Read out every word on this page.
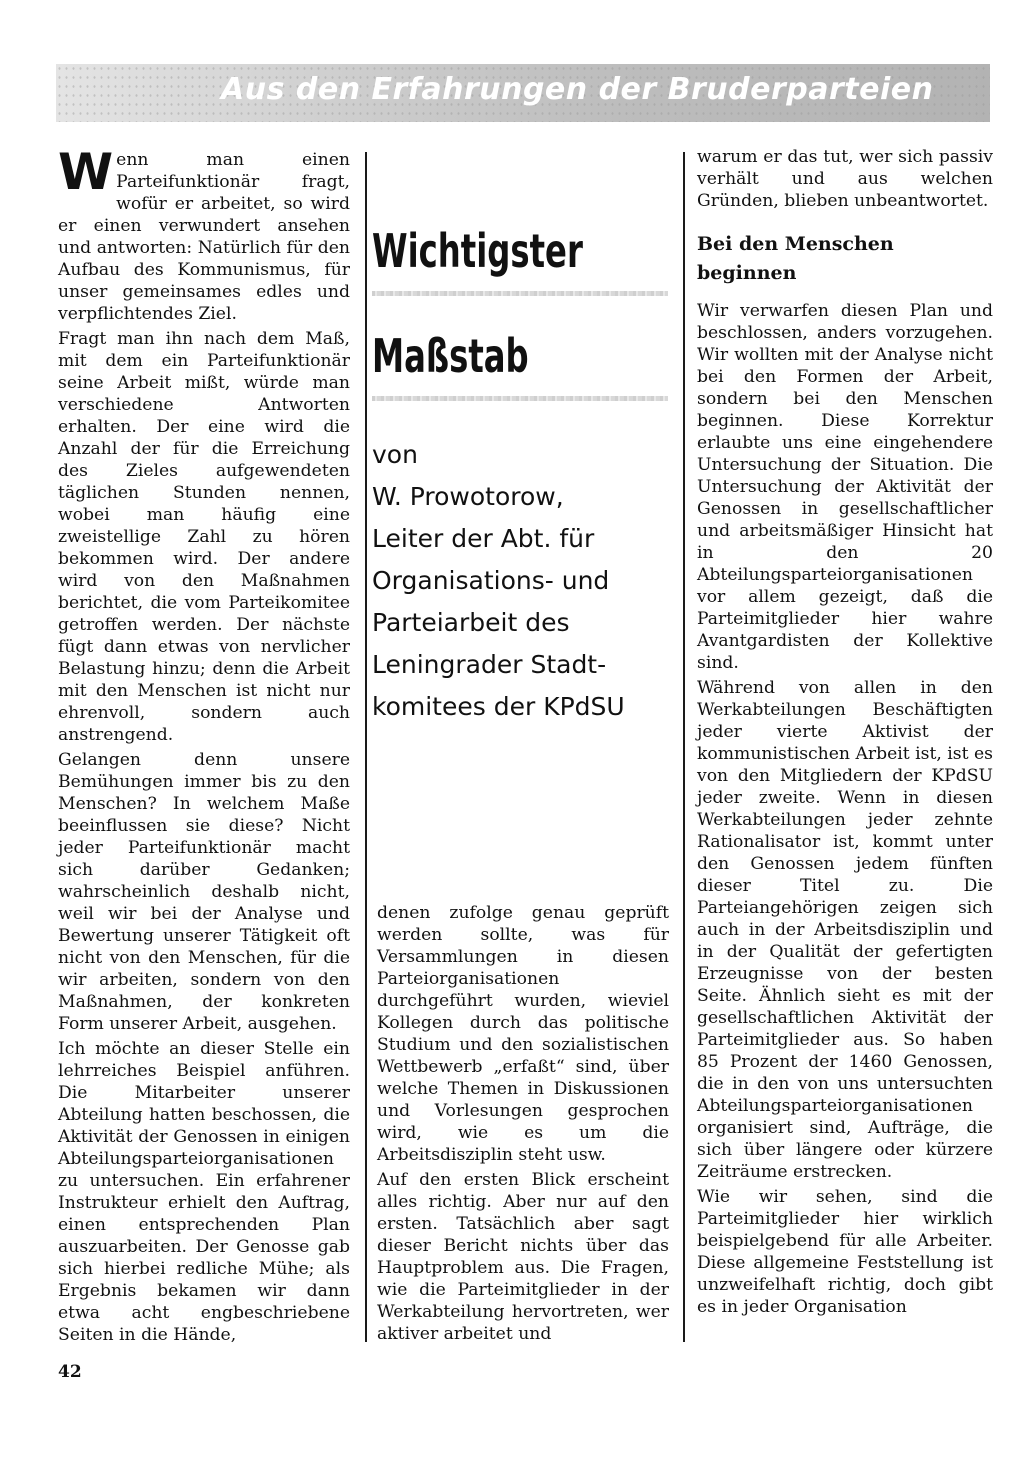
Aus den Erfahrungen der Bruderparteien

Wenn man einen Parteifunktionär fragt, wofür er arbeitet, so wird er einen verwundert ansehen und antworten: Natürlich für den Aufbau des Kommunismus, für unser gemeinsames edles und verpflichtendes Ziel.

Fragt man ihn nach dem Maß, mit dem ein Parteifunktionär seine Arbeit mißt, würde man verschiedene Antworten erhalten. Der eine wird die Anzahl der für die Erreichung des Zieles aufgewendeten täglichen Stunden nennen, wobei man häufig eine zweistellige Zahl zu hören bekommen wird. Der andere wird von den Maßnahmen berichtet, die vom Parteikomitee getroffen werden. Der nächste fügt dann etwas von nervlicher Belastung hinzu; denn die Arbeit mit den Menschen ist nicht nur ehrenvoll, sondern auch anstrengend.

Gelangen denn unsere Bemühungen immer bis zu den Menschen? In welchem Maße beeinflussen sie diese? Nicht jeder Parteifunktionär macht sich darüber Gedanken; wahrscheinlich deshalb nicht, weil wir bei der Analyse und Bewertung unserer Tätigkeit oft nicht von den Menschen, für die wir arbeiten, sondern von den Maßnahmen, der konkreten Form unserer Arbeit, ausgehen.

Ich möchte an dieser Stelle ein lehrreiches Beispiel anführen. Die Mitarbeiter unserer Abteilung hatten beschossen, die Aktivität der Genossen in einigen Abteilungsparteiorganisationen zu untersuchen. Ein erfahrener Instrukteur erhielt den Auftrag, einen entsprechenden Plan auszuarbeiten. Der Genosse gab sich hierbei redliche Mühe; als Ergebnis bekamen wir dann etwa acht engbeschriebene Seiten in die Hände,

Wichtigster
Maßstab

von

W. Prowotorow,

Leiter der Abt. für

Organisations- und

Parteiarbeit des

Leningrader Stadt-

komitees der KPdSU

denen zufolge genau geprüft werden sollte, was für Versammlungen in diesen Parteiorganisationen durchgeführt wurden, wieviel Kollegen durch das politische Studium und den sozialistischen Wettbewerb „erfaßt“ sind, über welche Themen in Diskussionen und Vorlesungen gesprochen wird, wie es um die Arbeitsdisziplin steht usw.

Auf den ersten Blick erscheint alles richtig. Aber nur auf den ersten. Tatsächlich aber sagt dieser Bericht nichts über das Hauptproblem aus. Die Fragen, wie die Parteimitglieder in der Werkabteilung hervortreten, wer aktiver arbeitet und

warum er das tut, wer sich passiv verhält und aus welchen Gründen, blieben unbeantwortet.

Bei den Menschen beginnen

Wir verwarfen diesen Plan und beschlossen, anders vorzugehen. Wir wollten mit der Analyse nicht bei den Formen der Arbeit, sondern bei den Menschen beginnen. Diese Korrektur erlaubte uns eine eingehendere Untersuchung der Situation. Die Untersuchung der Aktivität der Genossen in gesellschaftlicher und arbeitsmäßiger Hinsicht hat in den 20 Abteilungsparteiorganisationen vor allem gezeigt, daß die Parteimitglieder hier wahre Avantgardisten der Kollektive sind.

Während von allen in den Werkabteilungen Beschäftigten jeder vierte Aktivist der kommunistischen Arbeit ist, ist es von den Mitgliedern der KPdSU jeder zweite. Wenn in diesen Werkabteilungen jeder zehnte Rationalisator ist, kommt unter den Genossen jedem fünften dieser Titel zu. Die Parteiangehörigen zeigen sich auch in der Arbeitsdisziplin und in der Qualität der gefertigten Erzeugnisse von der besten Seite. Ähnlich sieht es mit der gesellschaftlichen Aktivität der Parteimitglieder aus. So haben 85 Prozent der 1460 Genossen, die in den von uns untersuchten Abteilungsparteiorganisationen organisiert sind, Aufträge, die sich über längere oder kürzere Zeiträume erstrecken.

Wie wir sehen, sind die Parteimitglieder hier wirklich beispielgebend für alle Arbeiter. Diese allgemeine Feststellung ist unzweifelhaft richtig, doch gibt es in jeder Organisation

42
